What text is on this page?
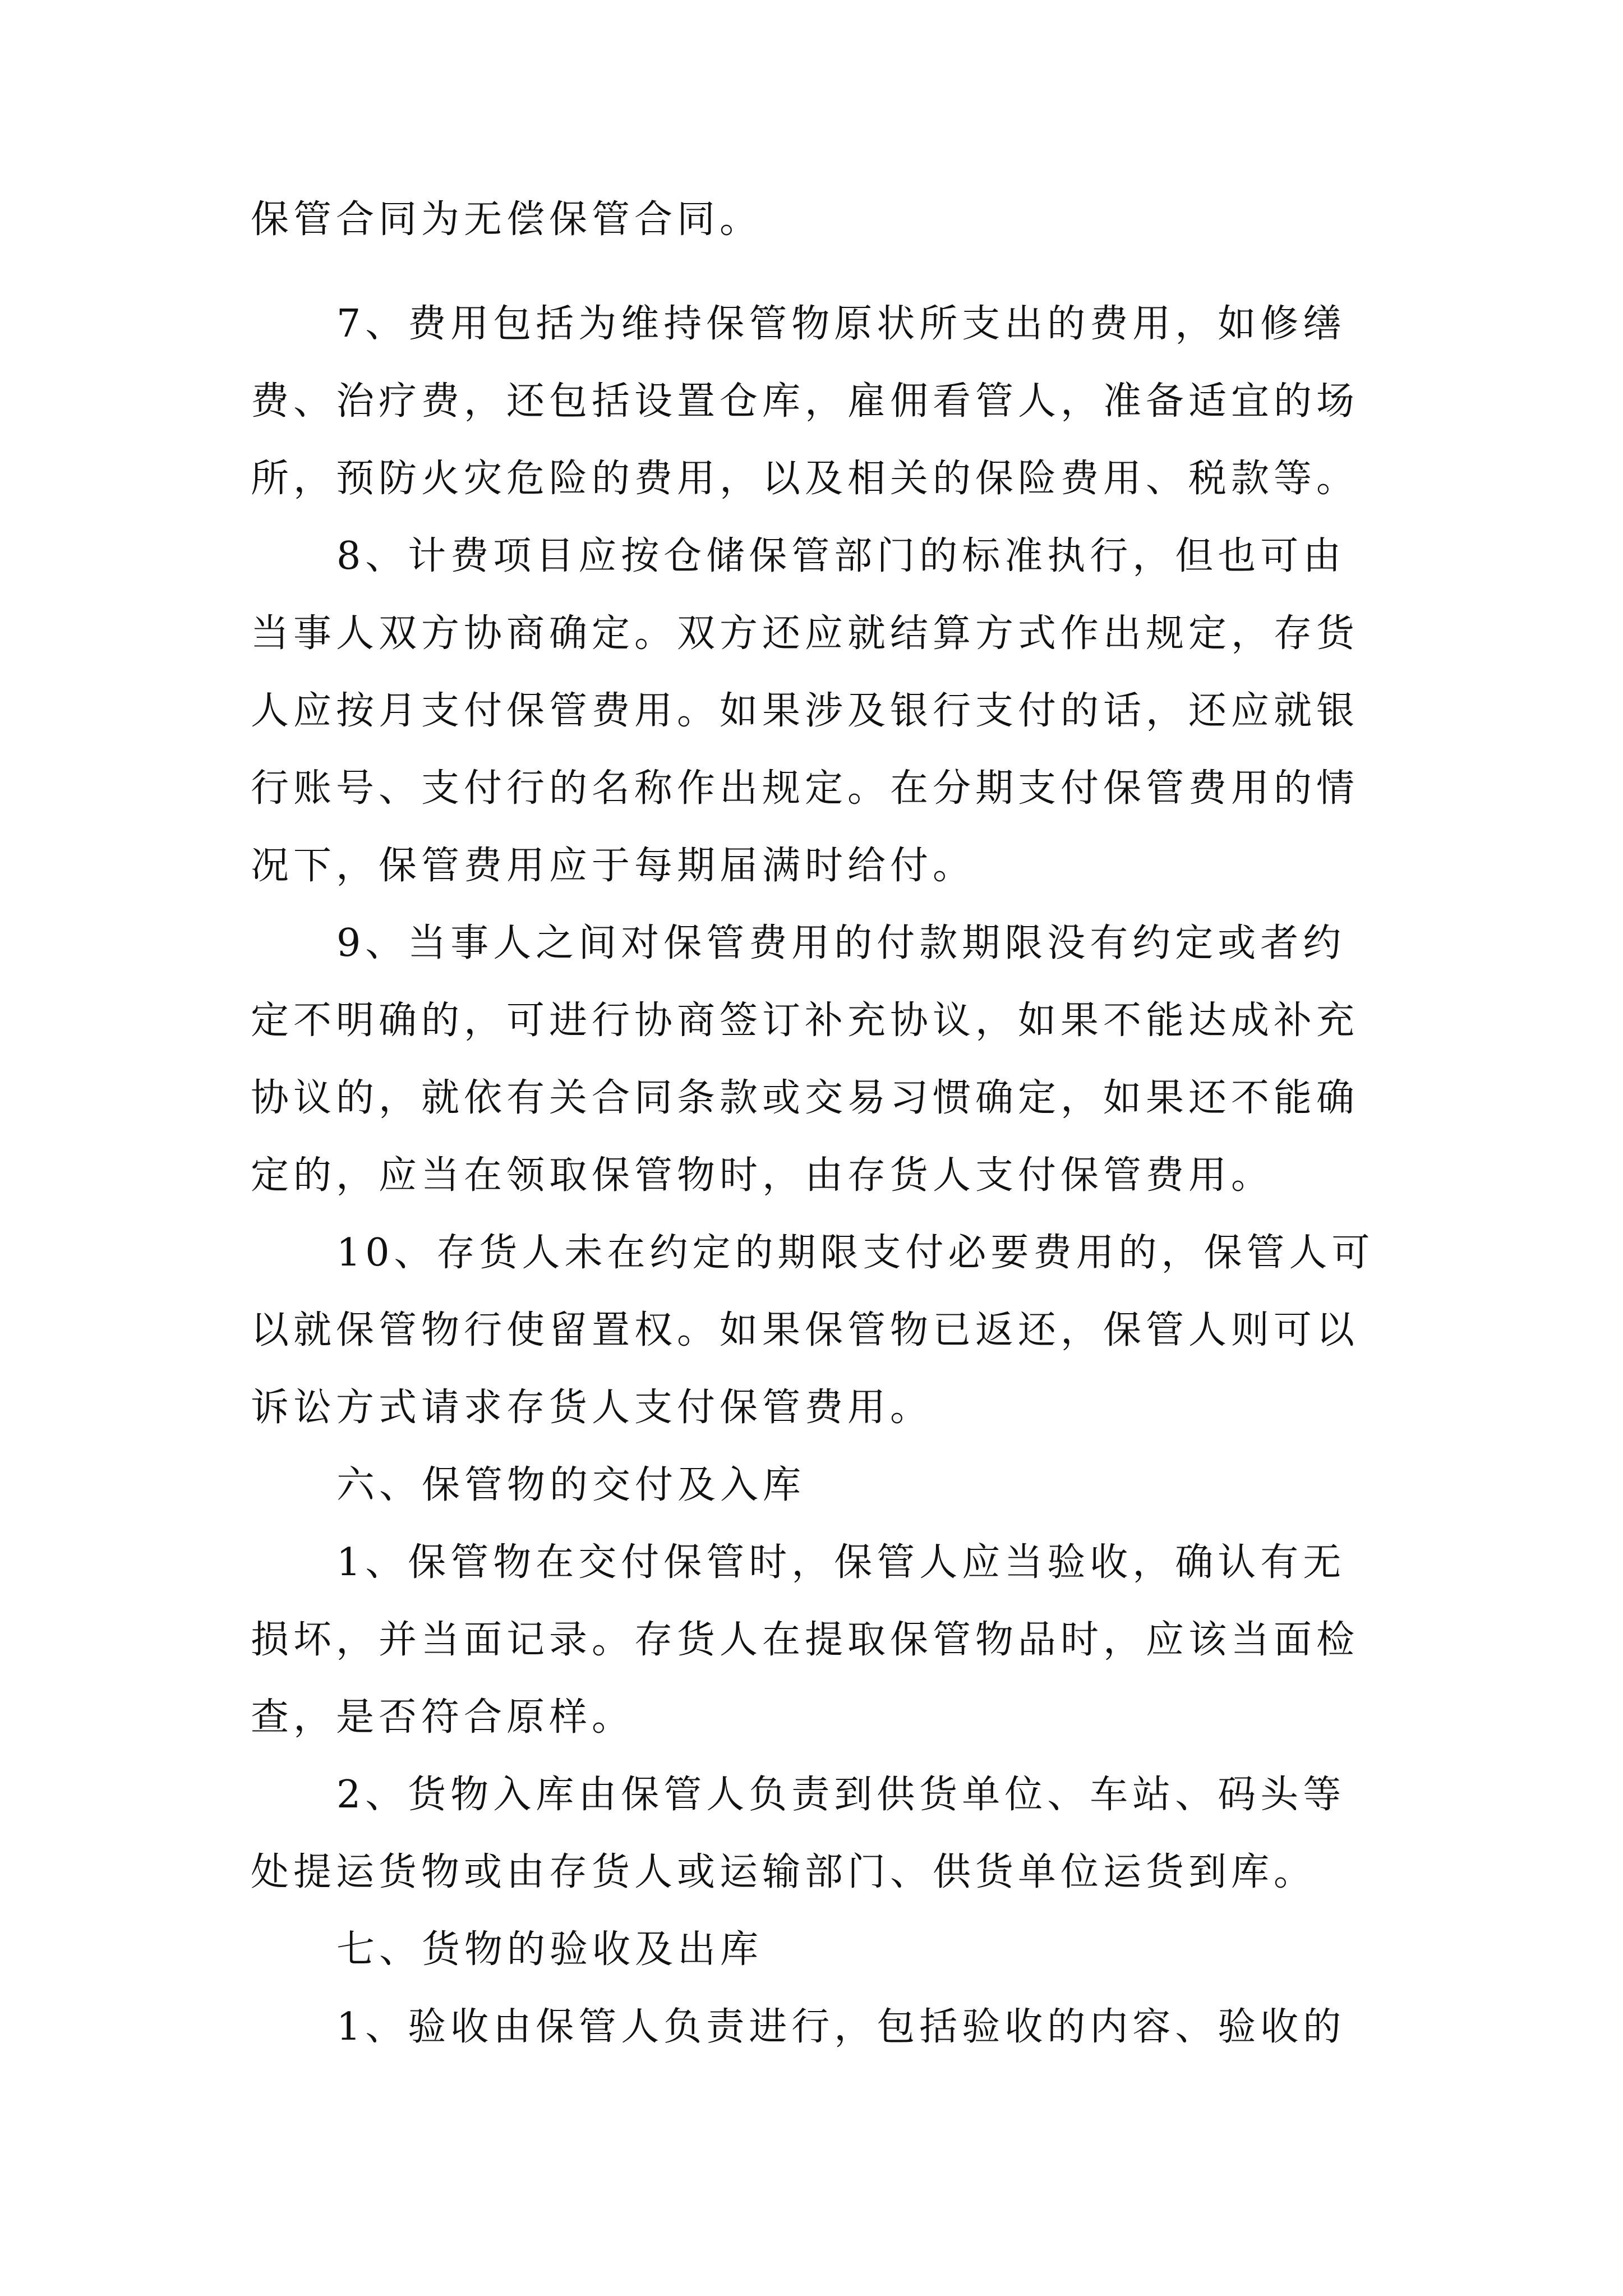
保管合同为无偿保管合同。
7、费用包括为维持保管物原状所支出的费用，如修缮
费、治疗费，还包括设置仓库，雇佣看管人，准备适宜的场
所，预防火灾危险的费用，以及相关的保险费用、税款等。
8、计费项目应按仓储保管部门的标准执行，但也可由
当事人双方协商确定。双方还应就结算方式作出规定，存货
人应按月支付保管费用。如果涉及银行支付的话，还应就银
行账号、支付行的名称作出规定。在分期支付保管费用的情
况下，保管费用应于每期届满时给付。
9、当事人之间对保管费用的付款期限没有约定或者约
定不明确的，可进行协商签订补充协议，如果不能达成补充
协议的，就依有关合同条款或交易习惯确定，如果还不能确
定的，应当在领取保管物时，由存货人支付保管费用。
10、存货人未在约定的期限支付必要费用的，保管人可
以就保管物行使留置权。如果保管物已返还，保管人则可以
诉讼方式请求存货人支付保管费用。
六、保管物的交付及入库
1、保管物在交付保管时，保管人应当验收，确认有无
损坏，并当面记录。存货人在提取保管物品时，应该当面检
查，是否符合原样。
2、货物入库由保管人负责到供货单位、车站、码头等
处提运货物或由存货人或运输部门、供货单位运货到库。
七、货物的验收及出库
1、验收由保管人负责进行，包括验收的内容、验收的
